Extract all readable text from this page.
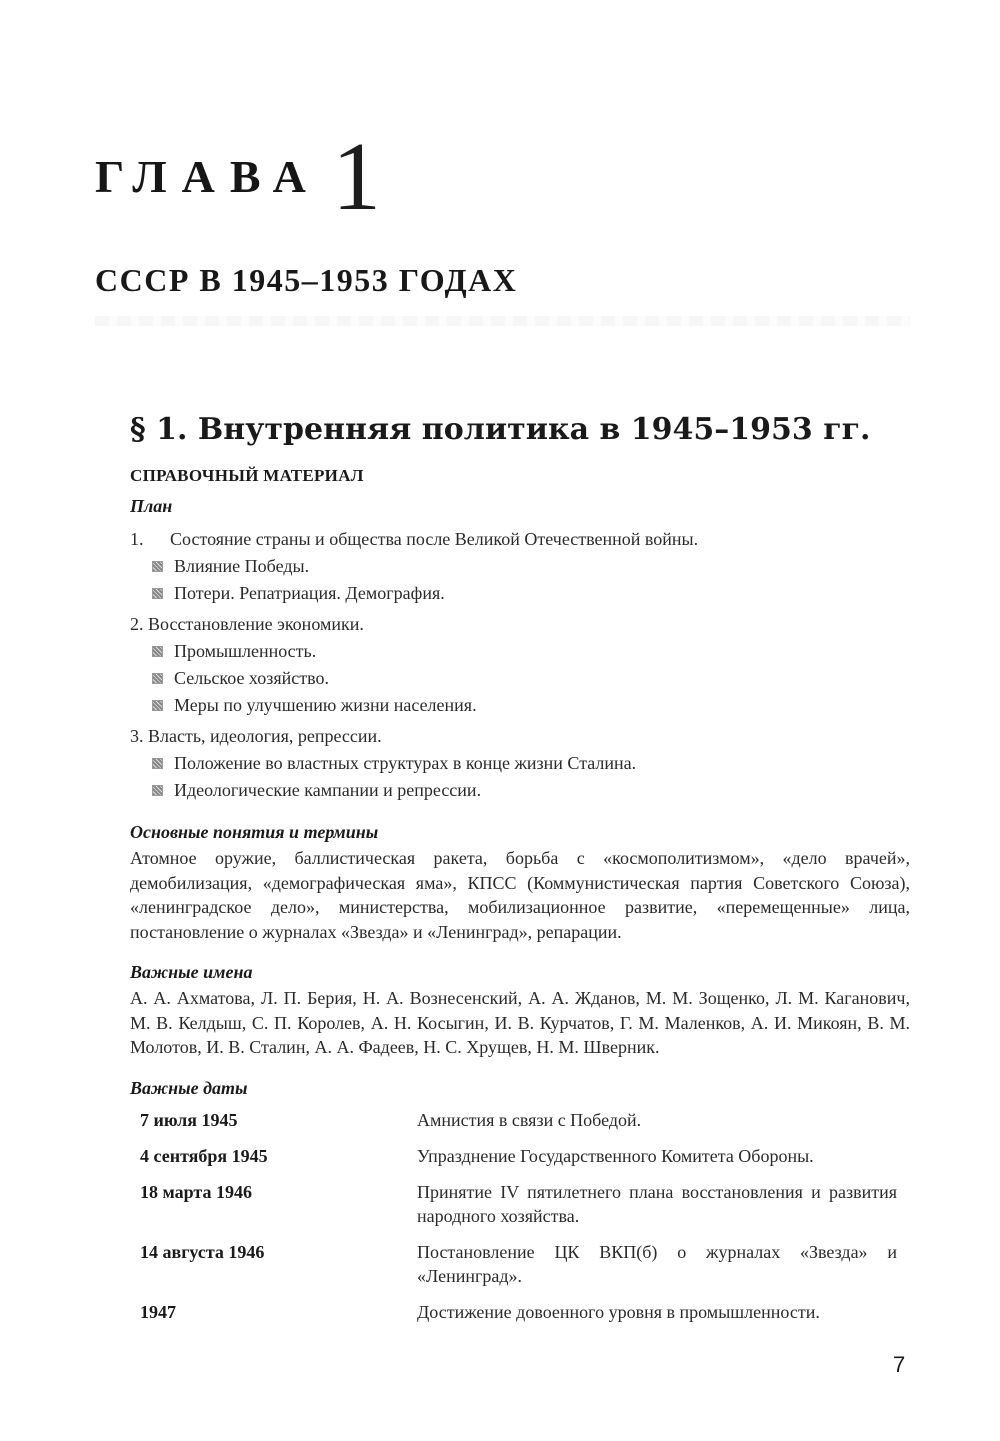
ГЛАВА 1
СССР В 1945–1953 ГОДАХ
§ 1. Внутренняя политика в 1945–1953 гг.
СПРАВОЧНЫЙ МАТЕРИАЛ
План
1.	Состояние страны и общества после Великой Отечественной войны.
Влияние Победы.
Потери. Репатриация. Демография.
2. Восстановление экономики.
Промышленность.
Сельское хозяйство.
Меры по улучшению жизни населения.
3. Власть, идеология, репрессии.
Положение во властных структурах в конце жизни Сталина.
Идеологические кампании и репрессии.
Основные понятия и термины
Атомное оружие, баллистическая ракета, борьба с «космополитизмом», «дело врачей», демобилизация, «демографическая яма», КПСС (Коммунистическая партия Советского Союза), «ленинградское дело», министерства, мобилизационное развитие, «перемещенные» лица, постановление о журналах «Звезда» и «Ленинград», репарации.
Важные имена
А. А. Ахматова, Л. П. Берия, Н. А. Вознесенский, А. А. Жданов, М. М. Зощенко, Л. М. Каганович, М. В. Келдыш, С. П. Королев, А. Н. Косыгин, И. В. Курчатов, Г. М. Маленков, А. И. Микоян, В. М. Молотов, И. В. Сталин, А. А. Фадеев, Н. С. Хрущев, Н. М. Шверник.
Важные даты
7 июля 1945	Амнистия в связи с Победой.
4 сентября 1945	Упразднение Государственного Комитета Обороны.
18 марта 1946	Принятие IV пятилетнего плана восстановления и развития народного хозяйства.
14 августа 1946	Постановление ЦК ВКП(б) о журналах «Звезда» и «Ленинград».
1947	Достижение довоенного уровня в промышленности.
7
